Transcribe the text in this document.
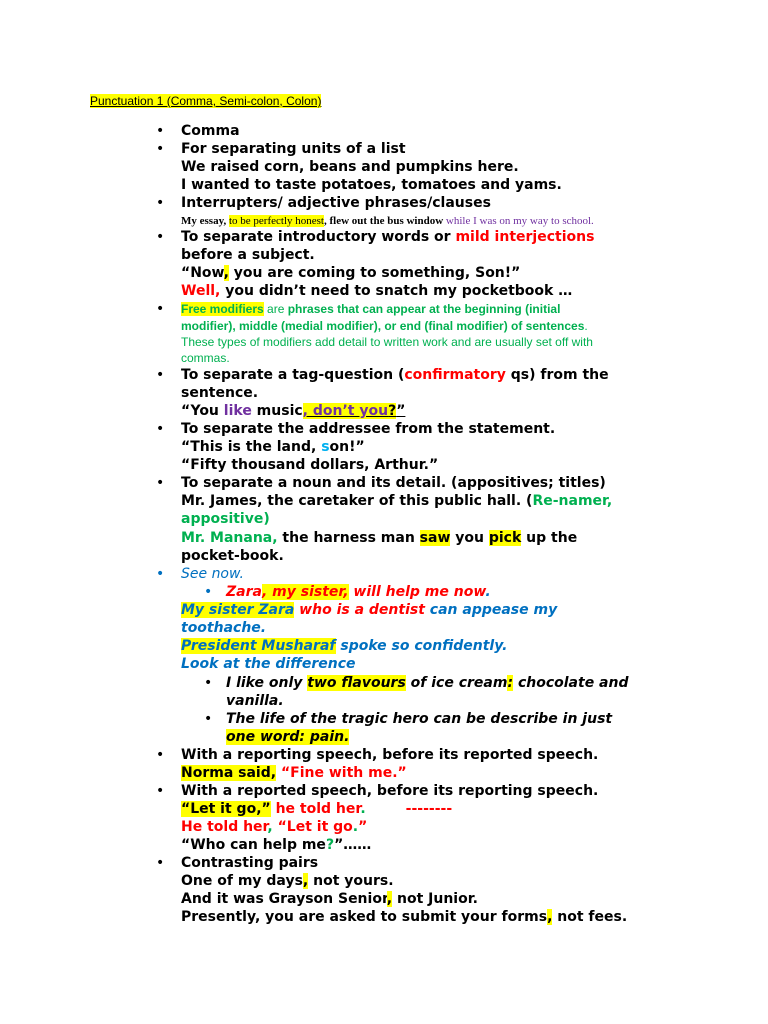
Punctuation 1 (Comma, Semi-colon, Colon)
•
•
•
•
•
•
•
•
•
•
•
•
•
•
•
Comma
For separating units of a list
We raised corn, beans and pumpkins here.
I wanted to taste potatoes, tomatoes and yams.
Interrupters/ adjective phrases/clauses
My essay, to be perfectly honest, flew out the bus window while I was on my way to school.
To separate introductory words or mild interjections
before a subject.
“Now, you are coming to something, Son!”
Well, you didn’t need to snatch my pocketbook …
Free modifiers are phrases that can appear at the beginning (initial
modifier), middle (medial modifier), or end (final modifier) of sentences.
These types of modifiers add detail to written work and are usually set off with
commas.
To separate a tag-question (confirmatory qs) from the
sentence.
“You like music, don’t you?”
To separate the addressee from the statement.
“This is the land, son!”
“Fifty thousand dollars, Arthur.”
To separate a noun and its detail. (appositives; titles)
Mr. James, the caretaker of this public hall. (Re-namer,
appositive)
Mr. Manana, the harness man saw you pick up the
pocket-book.
See now.
Zara, my sister, will help me now.
My sister Zara who is a dentist can appease my
toothache.
President Musharaf spoke so confidently.
Look at the difference
I like only two flavours of ice cream: chocolate and
vanilla.
The life of the tragic hero can be describe in just
one word: pain.
With a reporting speech, before its reported speech.
Norma said, “Fine with me.”
With a reported speech, before its reporting speech.
“Let it go,” he told her.	--------
He told her, “Let it go.”
“Who can help me?”……
Contrasting pairs
One of my days, not yours.
And it was Grayson Senior, not Junior.
Presently, you are asked to submit your forms, not fees.
